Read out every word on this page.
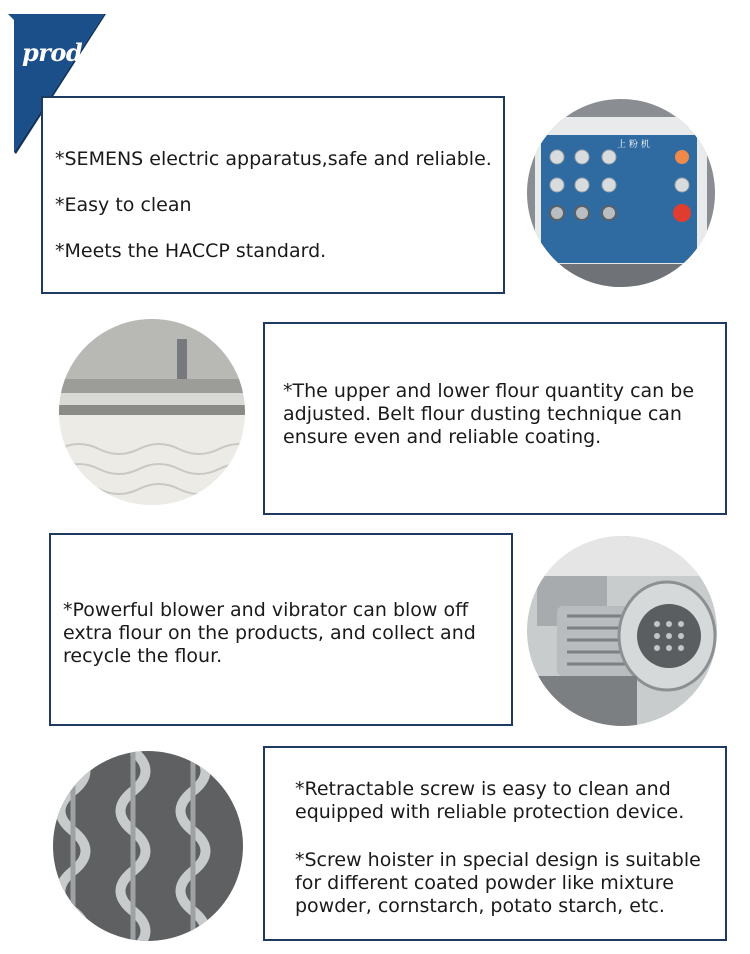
product details

*SEMENS electric apparatus,safe and reliable.

*Easy to clean

*Meets the HACCP standard.

上 粉 机

*The upper and lower flour quantity can be adjusted. Belt flour dusting technique can ensure even and reliable coating.

*Powerful blower and vibrator can blow off extra flour on the products, and collect and recycle the flour.

*Retractable screw is easy to clean and equipped with reliable protection device.

*Screw hoister in special design is suitable for different coated powder like mixture powder, cornstarch, potato starch, etc.
